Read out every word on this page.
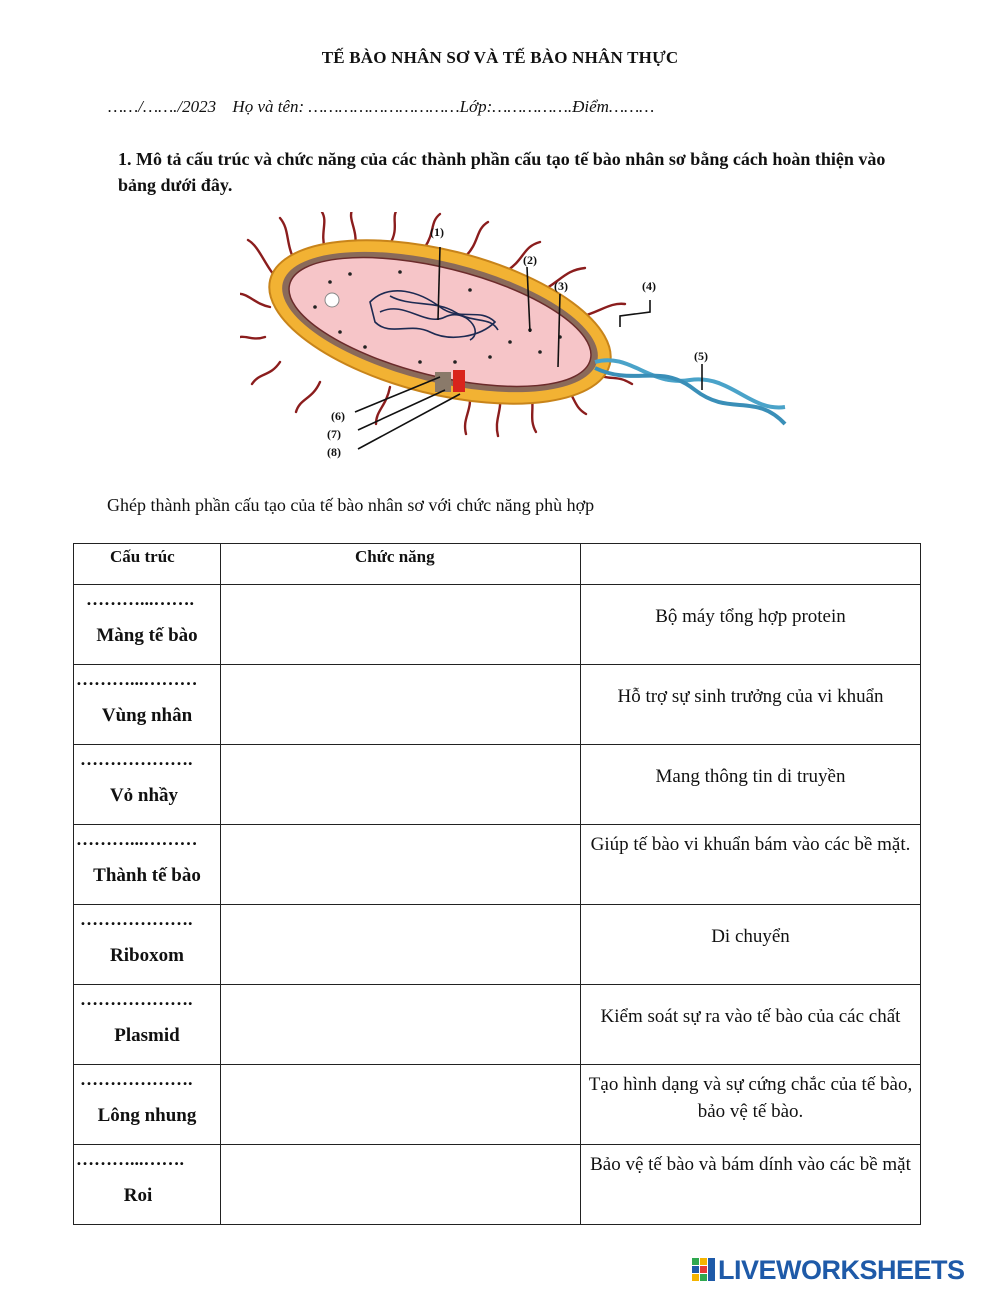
TẾ BÀO NHÂN SƠ VÀ TẾ BÀO NHÂN THỰC
……/……./2023 Họ và tên: …………………………Lớp:…………….Điểm………
1. Mô tả cấu trúc và chức năng của các thành phần cấu tạo tế bào nhân sơ bằng cách hoàn thiện vào bảng dưới đây.
(1)
(2)
(3)	(4)
(5)
(6)
(7)
(8)
Ghép thành phần cấu tạo của tế bào nhân sơ với chức năng phù hợp
Cấu trúc	Chức năng	

………...…….
Màng tế bào		Bộ máy tổng hợp protein

………...………
Vùng nhân		Hỗ trợ sự sinh trưởng của vi khuẩn

……………….
Vỏ nhầy		Mang thông tin di truyền

………...………
Thành tế bào		Giúp tế bào vi khuẩn bám vào các bề mặt.

……………….
Riboxom		Di chuyển

……………….
Plasmid		Kiểm soát sự ra vào tế bào của các chất

……………….
Lông nhung		Tạo hình dạng và sự cứng chắc của tế bào, bảo vệ tế bào.

………...…….
Roi		Bảo vệ tế bào và bám dính vào các bề mặt
LIVEWORKSHEETS
